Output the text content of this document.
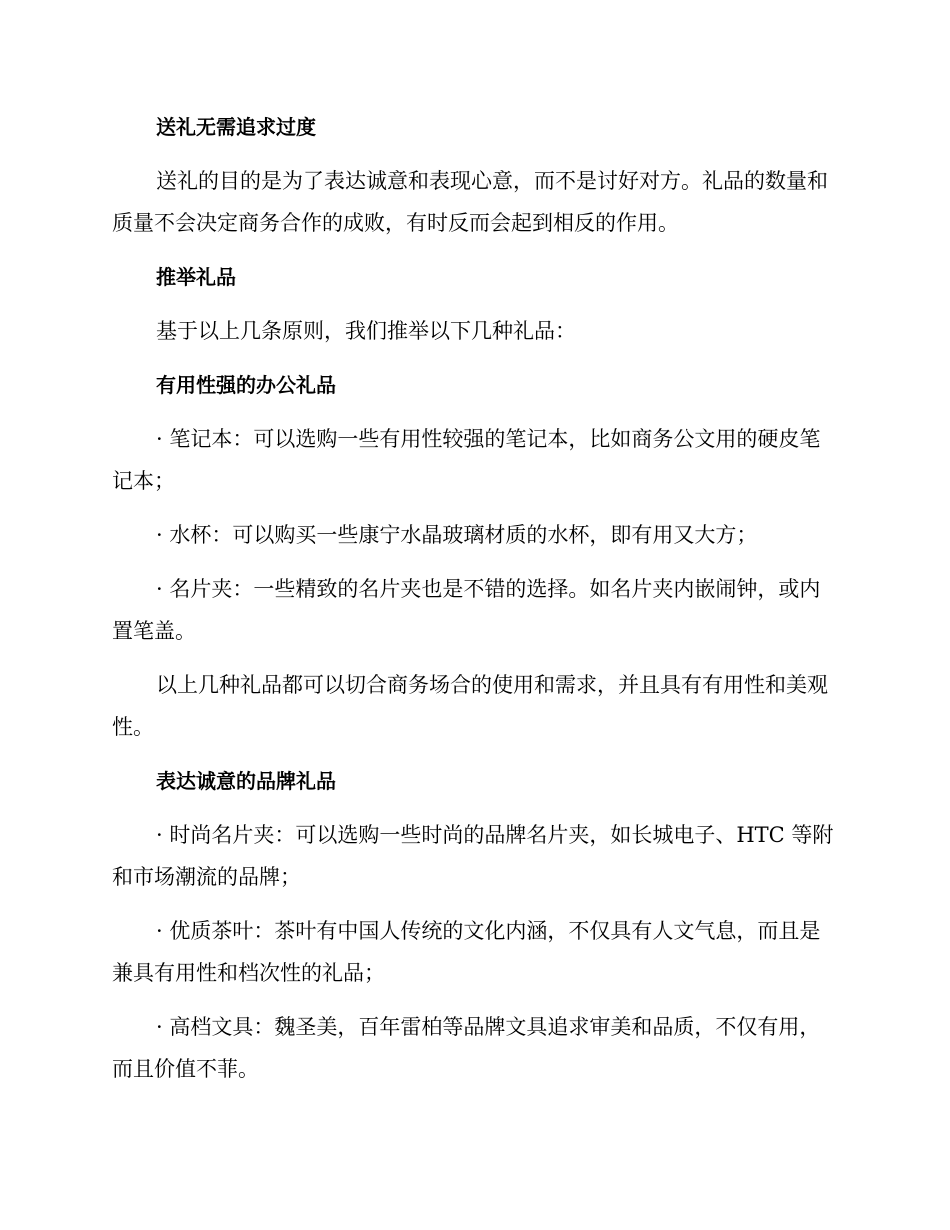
送礼无需追求过度

送礼的目的是为了表达诚意和表现心意，而不是讨好对方。礼品的数量和质量不会决定商务合作的成败，有时反而会起到相反的作用。

推举礼品

基于以上几条原则，我们推举以下几种礼品：

有用性强的办公礼品

· 笔记本：可以选购一些有用性较强的笔记本，比如商务公文用的硬皮笔记本；

· 水杯：可以购买一些康宁水晶玻璃材质的水杯，即有用又大方；

· 名片夹：一些精致的名片夹也是不错的选择。如名片夹内嵌闹钟，或内置笔盖。

以上几种礼品都可以切合商务场合的使用和需求，并且具有有用性和美观性。

表达诚意的品牌礼品

· 时尚名片夹：可以选购一些时尚的品牌名片夹，如长城电子、HTC 等附和市场潮流的品牌；

· 优质茶叶：茶叶有中国人传统的文化内涵，不仅具有人文气息，而且是兼具有用性和档次性的礼品；

· 高档文具：魏圣美，百年雷柏等品牌文具追求审美和品质，不仅有用，而且价值不菲。
